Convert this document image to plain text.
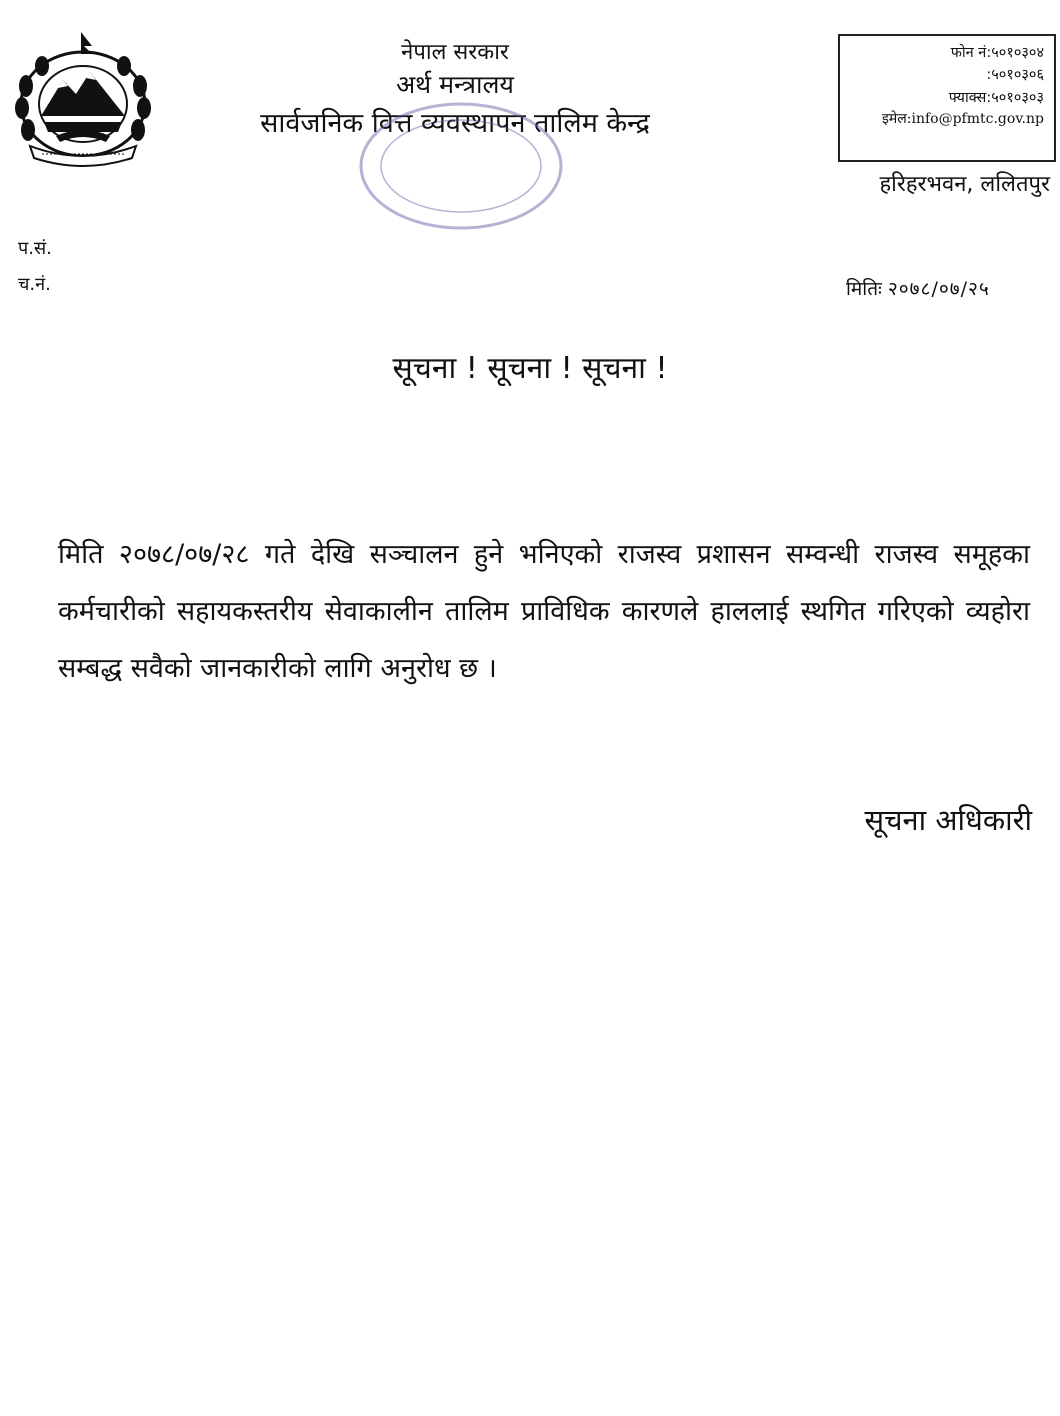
नेपाल सरकार
अर्थ मन्त्रालय
सार्वजनिक वित्त व्यवस्थापन तालिम केन्द्र
फोन नं:५०१०३०४
:५०१०३०६
फ्याक्स:५०१०३०३
इमेल:info@pfmtc.gov.np
हरिहरभवन, ललितपुर
प.सं.
च.नं.	मितिः २०७८/०७/२५
सूचना ! सूचना ! सूचना !
मिति २०७८/०७/२८ गते देखि सञ्चालन हुने भनिएको राजस्व प्रशासन सम्वन्धी राजस्व समूहका कर्मचारीको सहायकस्तरीय सेवाकालीन तालिम प्राविधिक कारणले हाललाई स्थगित गरिएको व्यहोरा सम्बद्ध सवैको जानकारीको लागि अनुरोध छ ।
सूचना अधिकारी
